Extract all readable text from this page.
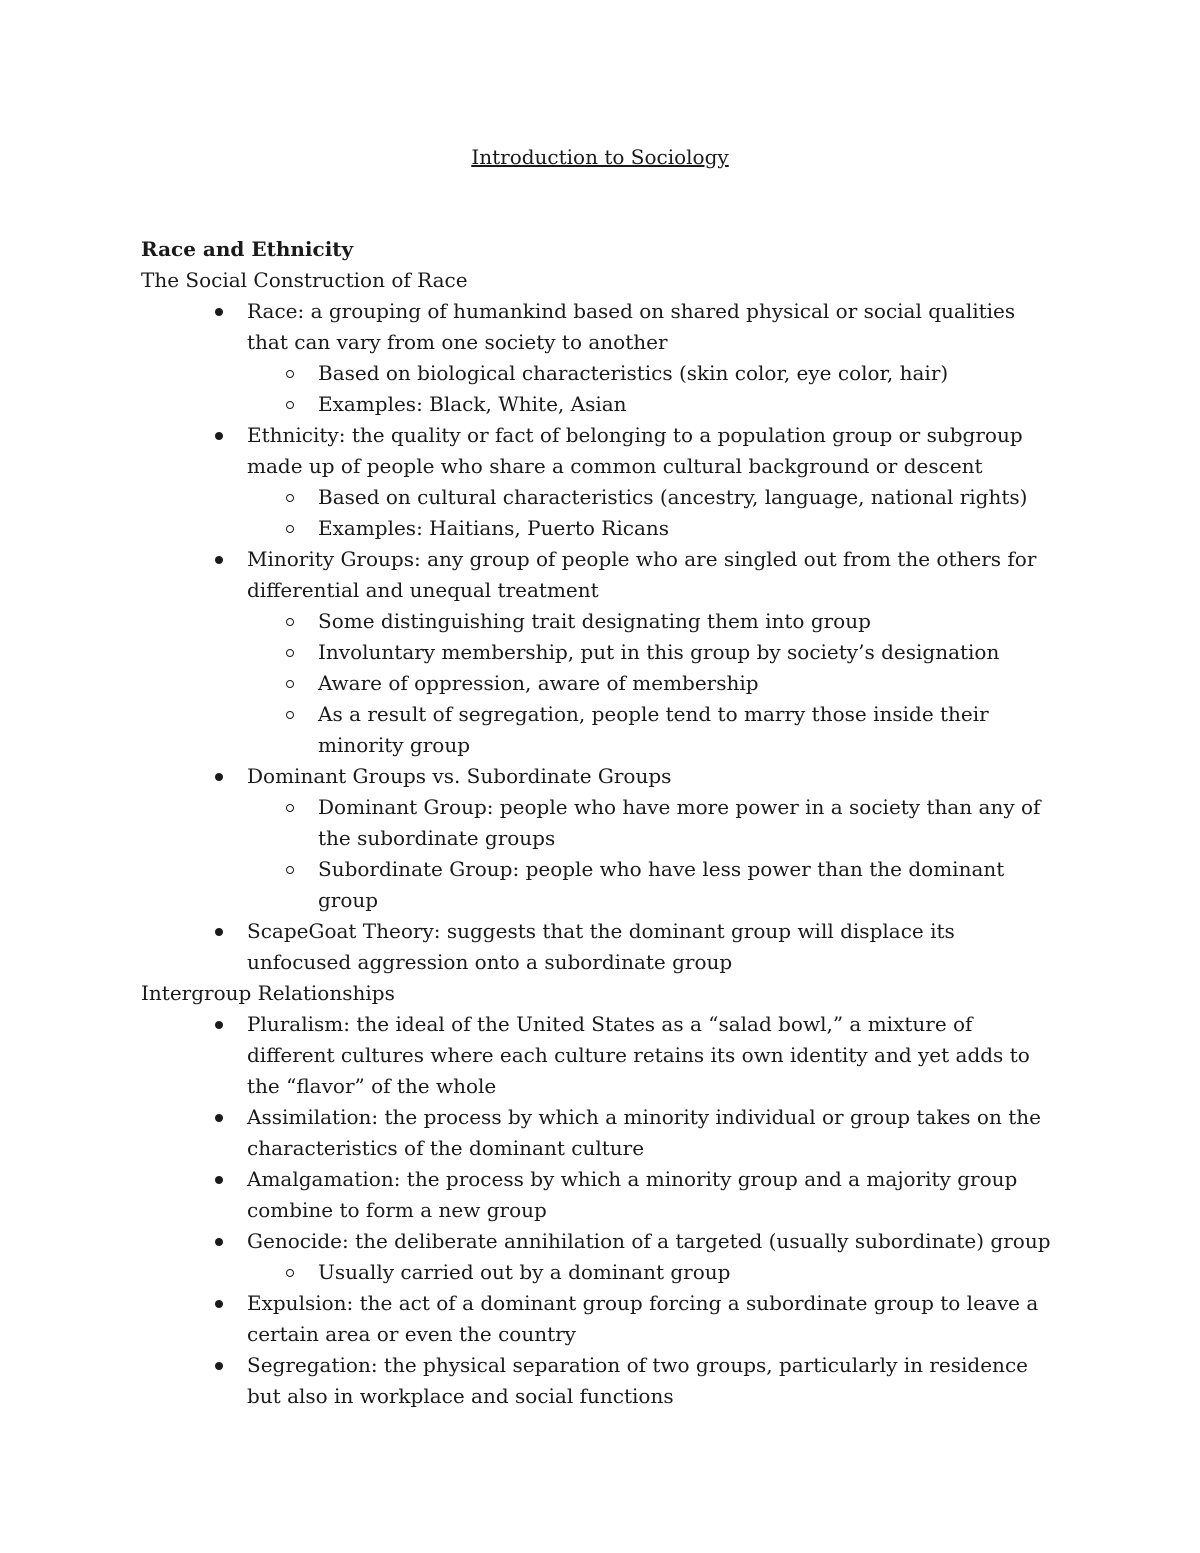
Introduction to Sociology
Race and Ethnicity
The Social Construction of Race
Race: a grouping of humankind based on shared physical or social qualities that can vary from one society to another
Based on biological characteristics (skin color, eye color, hair)
Examples: Black, White, Asian
Ethnicity: the quality or fact of belonging to a population group or subgroup made up of people who share a common cultural background or descent
Based on cultural characteristics (ancestry, language, national rights)
Examples: Haitians, Puerto Ricans
Minority Groups: any group of people who are singled out from the others for differential and unequal treatment
Some distinguishing trait designating them into group
Involuntary membership, put in this group by society’s designation
Aware of oppression, aware of membership
As a result of segregation, people tend to marry those inside their minority group
Dominant Groups vs. Subordinate Groups
Dominant Group: people who have more power in a society than any of the subordinate groups
Subordinate Group: people who have less power than the dominant group
ScapeGoat Theory: suggests that the dominant group will displace its unfocused aggression onto a subordinate group
Intergroup Relationships
Pluralism: the ideal of the United States as a “salad bowl,” a mixture of different cultures where each culture retains its own identity and yet adds to the “flavor” of the whole
Assimilation: the process by which a minority individual or group takes on the characteristics of the dominant culture
Amalgamation: the process by which a minority group and a majority group combine to form a new group
Genocide: the deliberate annihilation of a targeted (usually subordinate) group
Usually carried out by a dominant group
Expulsion: the act of a dominant group forcing a subordinate group to leave a certain area or even the country
Segregation: the physical separation of two groups, particularly in residence but also in workplace and social functions
